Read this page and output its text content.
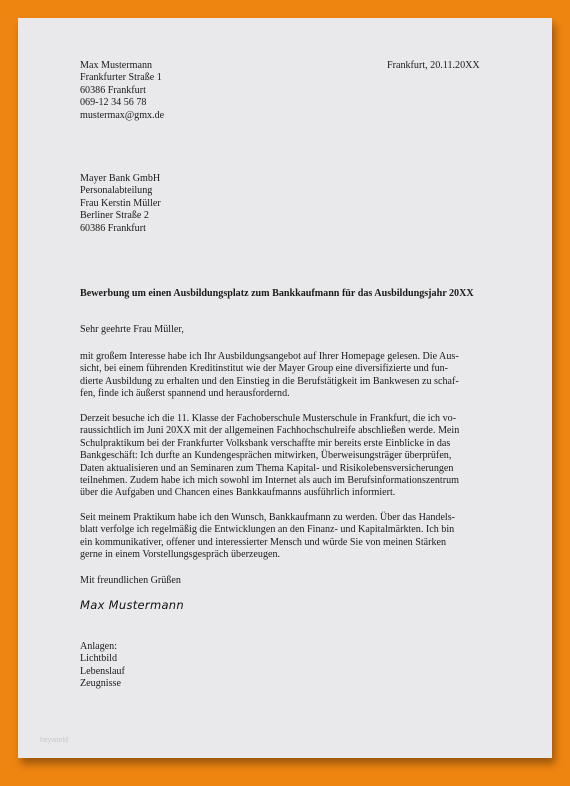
Max Mustermann
Frankfurter Straße 1
60386 Frankfurt
069-12 34 56 78
mustermax@gmx.de
Frankfurt, 20.11.20XX
Mayer Bank GmbH
Personalabteilung
Frau Kerstin Müller
Berliner Straße 2
60386 Frankfurt
Bewerbung um einen Ausbildungsplatz zum Bankkaufmann für das Ausbildungsjahr 20XX
Sehr geehrte Frau Müller,
mit großem Interesse habe ich Ihr Ausbildungsangebot auf Ihrer Homepage gelesen. Die Aus-
sicht, bei einem führenden Kreditinstitut wie der Mayer Group eine diversifizierte und fun-
dierte Ausbildung zu erhalten und den Einstieg in die Berufstätigkeit im Bankwesen zu schaf-
fen, finde ich äußerst spannend und herausfordernd.
Derzeit besuche ich die 11. Klasse der Fachoberschule Musterschule in Frankfurt, die ich vo-
raussichtlich im Juni 20XX mit der allgemeinen Fachhochschulreife abschließen werde. Mein
Schulpraktikum bei der Frankfurter Volksbank verschaffte mir bereits erste Einblicke in das
Bankgeschäft: Ich durfte an Kundengesprächen mitwirken, Überweisungsträger überprüfen,
Daten aktualisieren und an Seminaren zum Thema Kapital- und Risikolebensversicherungen
teilnehmen. Zudem habe ich mich sowohl im Internet als auch im Berufsinformationszentrum
über die Aufgaben und Chancen eines Bankkaufmanns ausführlich informiert.
Seit meinem Praktikum habe ich den Wunsch, Bankkaufmann zu werden. Über das Handels-
blatt verfolge ich regelmäßig die Entwicklungen an den Finanz- und Kapitalmärkten. Ich bin
ein kommunikativer, offener und interessierter Mensch und würde Sie von meinen Stärken
gerne in einem Vorstellungsgespräch überzeugen.
Mit freundlichen Grüßen
Max Mustermann
Anlagen:
Lichtbild
Lebenslauf
Zeugnisse
heyworld
